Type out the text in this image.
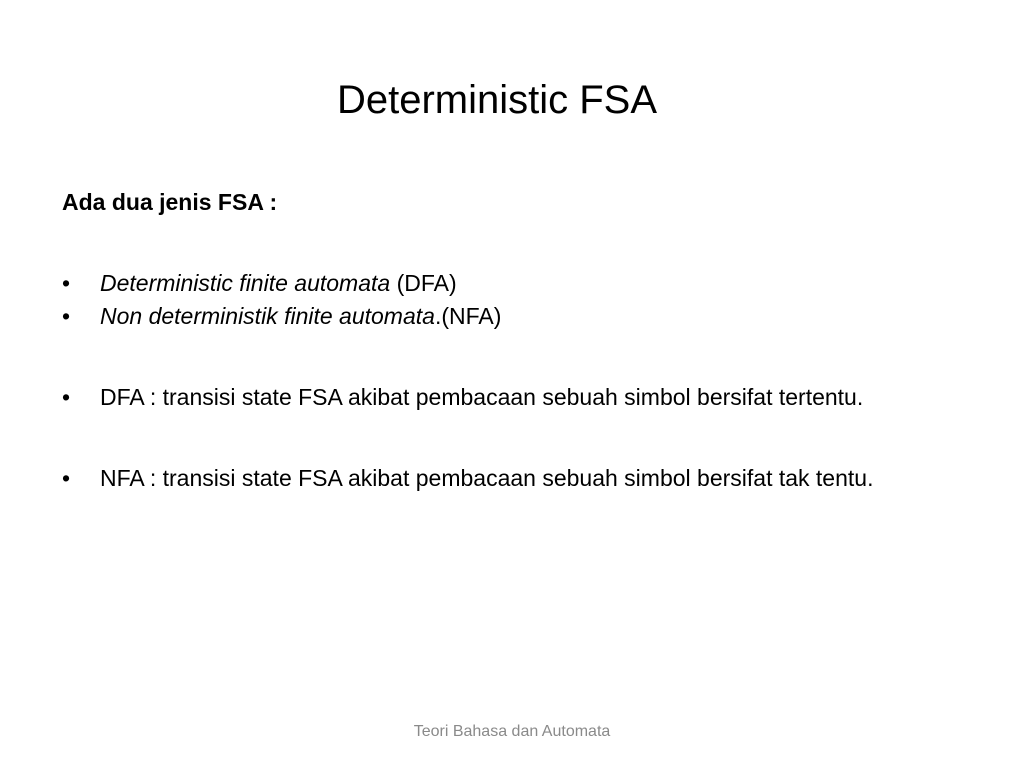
Deterministic FSA

Ada dua jenis FSA :

• Deterministic finite automata (DFA)
• Non deterministik finite automata.(NFA)
• DFA : transisi state FSA akibat pembacaan sebuah simbol bersifat tertentu.
• NFA : transisi state FSA akibat pembacaan sebuah simbol bersifat tak tentu.
Teori Bahasa dan Automata
